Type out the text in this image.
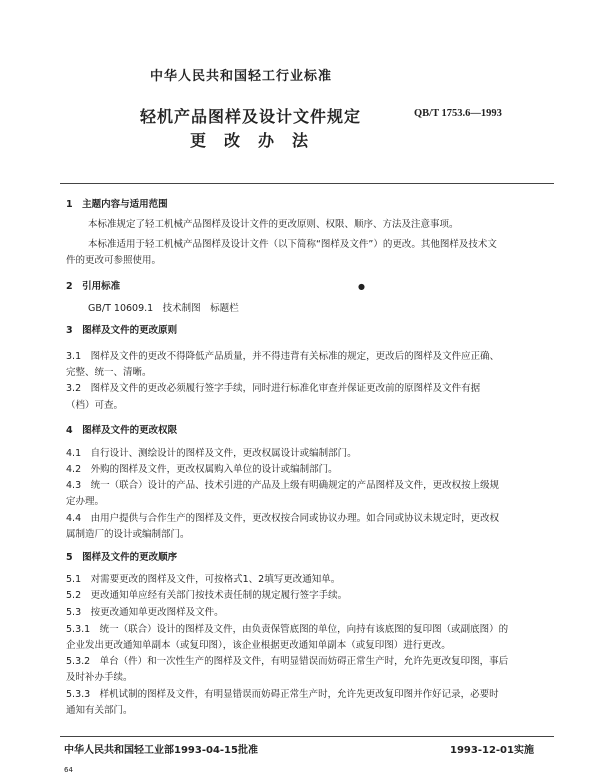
中华人民共和国轻工行业标准
轻机产品图样及设计文件规定
更改办法
QB/T 1753.6—1993
1　主题内容与适用范围
本标准规定了轻工机械产品图样及设计文件的更改原则、权限、顺序、方法及注意事项。
本标准适用于轻工机械产品图样及设计文件（以下简称“图样及文件”）的更改。其他图样及技术文
件的更改可参照使用。
2　引用标准	●
GB/T 10609.1　技术制图　标题栏
3　图样及文件的更改原则
3.1　图样及文件的更改不得降低产品质量，并不得违背有关标准的规定，更改后的图样及文件应正确、
完整、统一、清晰。
3.2　图样及文件的更改必须履行签字手续，同时进行标准化审查并保证更改前的原图样及文件有据
（档）可查。
4　图样及文件的更改权限
4.1　自行设计、测绘设计的图样及文件，更改权属设计或编制部门。
4.2　外购的图样及文件，更改权属购入单位的设计或编制部门。
4.3　统一（联合）设计的产品、技术引进的产品及上级有明确规定的产品图样及文件，更改权按上级规
定办理。
4.4　由用户提供与合作生产的图样及文件，更改权按合同或协议办理。如合同或协议未规定时，更改权
属制造厂的设计或编制部门。
5　图样及文件的更改顺序
5.1　对需要更改的图样及文件，可按格式1、2填写更改通知单。
5.2　更改通知单应经有关部门按技术责任制的规定履行签字手续。
5.3　按更改通知单更改图样及文件。
5.3.1　统一（联合）设计的图样及文件，由负责保管底图的单位，向持有该底图的复印图（或副底图）的
企业发出更改通知单副本（或复印图），该企业根据更改通知单副本（或复印图）进行更改。
5.3.2　单台（件）和一次性生产的图样及文件，有明显错误而妨碍正常生产时，允许先更改复印图，事后
及时补办手续。
5.3.3　样机试制的图样及文件，有明显错误而妨碍正常生产时，允许先更改复印图并作好记录，必要时
通知有关部门。
中华人民共和国轻工业部1993-04-15批准	1993-12-01实施
64
